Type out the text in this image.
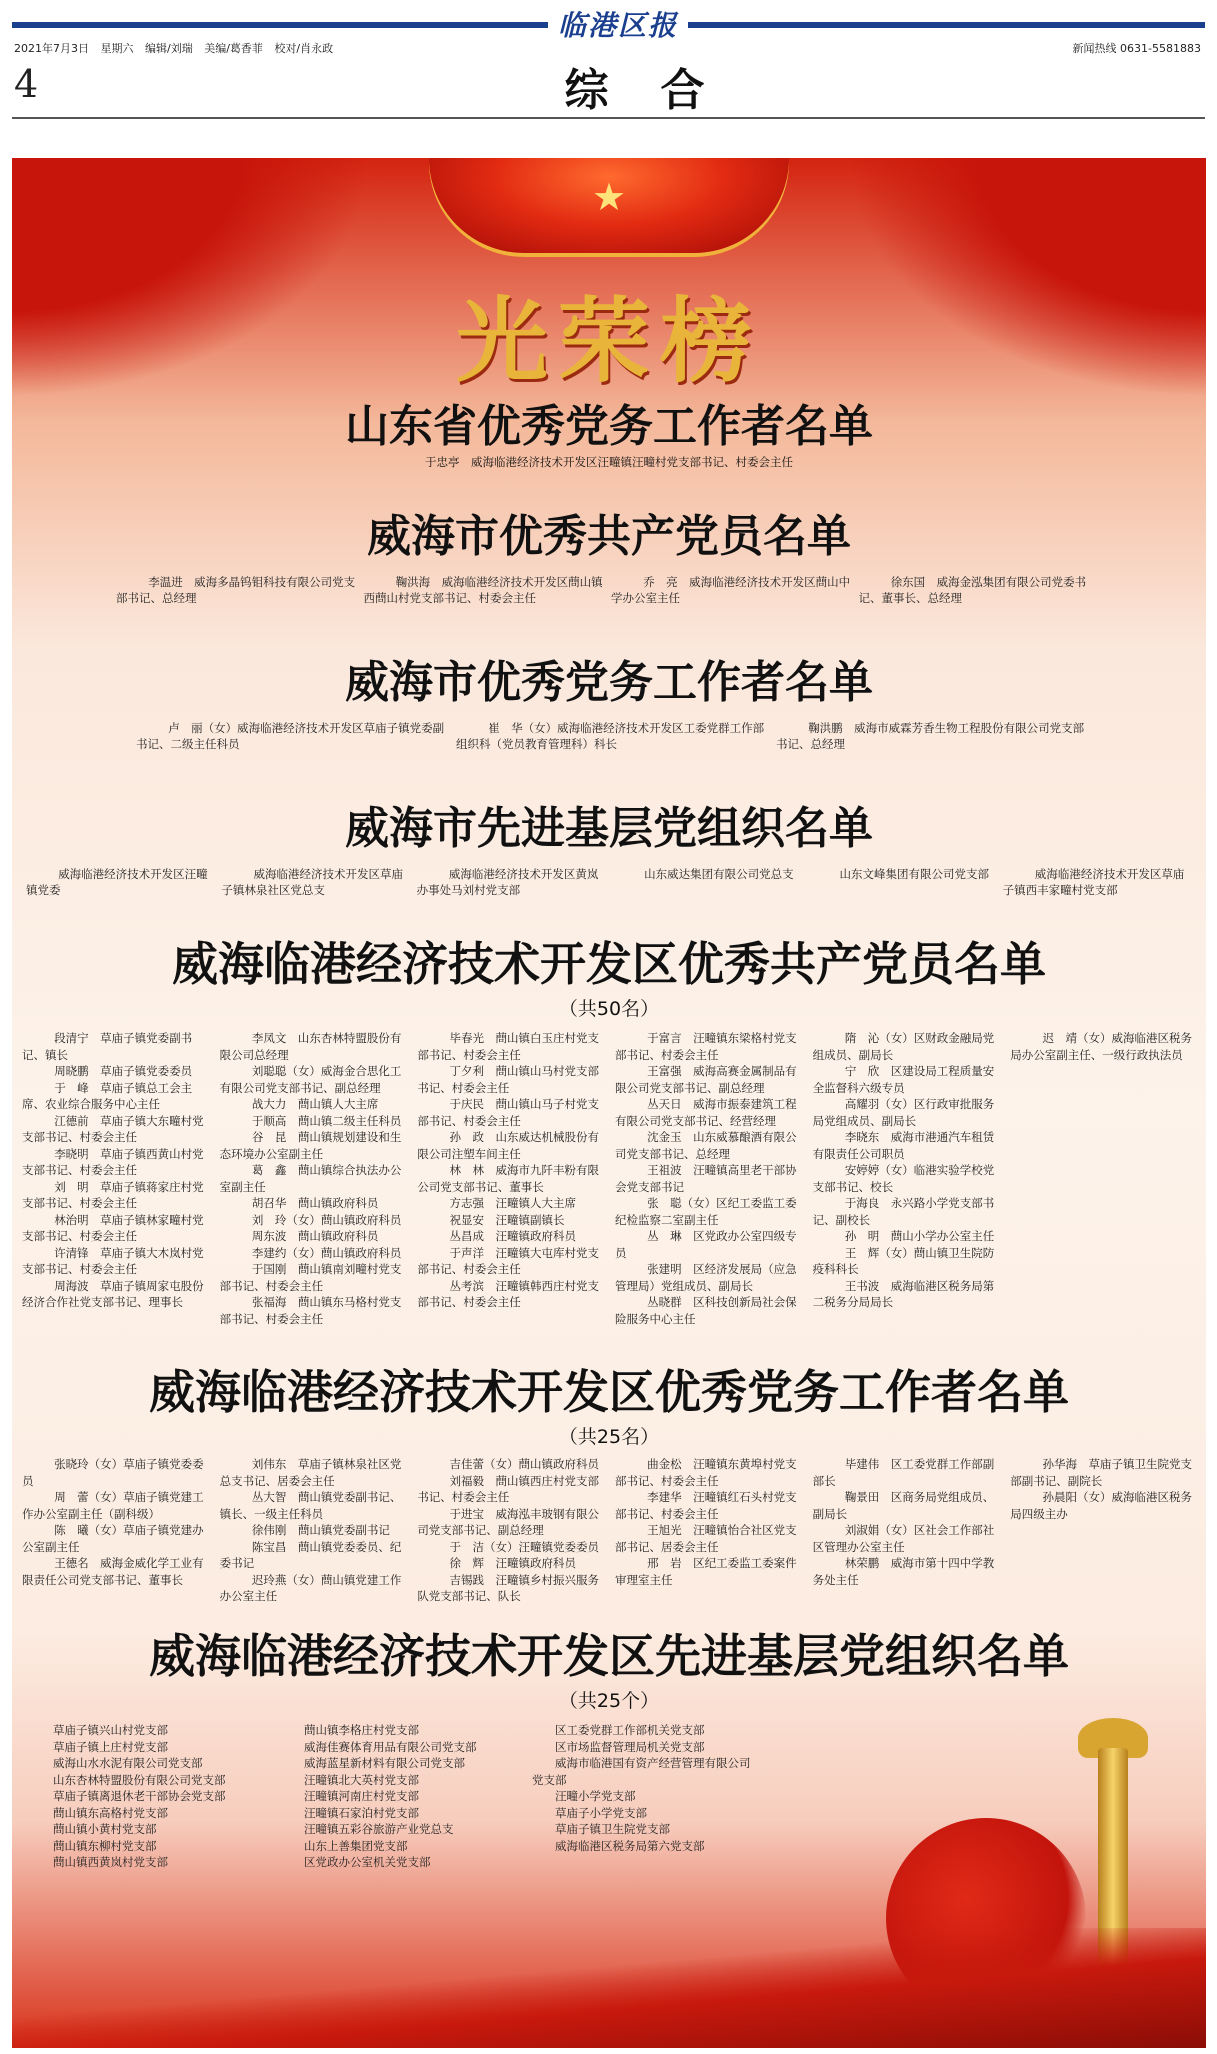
临港区报
2021年7月3日 星期六 编辑/刘瑞 美编/葛香菲 校对/肖永政	新闻热线 0631-5581883
4	综合
★
光荣榜
山东省优秀党务工作者名单
于忠亭　威海临港经济技术开发区汪疃镇汪疃村党支部书记、村委会主任
威海市优秀共产党员名单
李温进　威海多晶钨钼科技有限公司党支部书记、总经理
鞠洪海　威海临港经济技术开发区蔄山镇西蔄山村党支部书记、村委会主任
乔　亮　威海临港经济技术开发区蔄山中学办公室主任
徐东国　威海金泓集团有限公司党委书记、董事长、总经理
威海市优秀党务工作者名单
卢　丽（女）威海临港经济技术开发区草庙子镇党委副书记、二级主任科员
崔　华（女）威海临港经济技术开发区工委党群工作部组织科（党员教育管理科）科长
鞠洪鹏　威海市威霖芳香生物工程股份有限公司党支部书记、总经理
威海市先进基层党组织名单
威海临港经济技术开发区汪疃镇党委
威海临港经济技术开发区草庙子镇林泉社区党总支
威海临港经济技术开发区黄岚办事处马刘村党支部
山东威达集团有限公司党总支	山东文峰集团有限公司党支部	威海临港经济技术开发区草庙子镇西丰家疃村党支部
威海临港经济技术开发区优秀共产党员名单
（共50名）
段清宁　草庙子镇党委副书记、镇长
周晓鹏　草庙子镇党委委员
于　峰　草庙子镇总工会主席、农业综合服务中心主任
江德前　草庙子镇大东疃村党支部书记、村委会主任
李晓明　草庙子镇西黄山村党支部书记、村委会主任
刘　明　草庙子镇蒋家庄村党支部书记、村委会主任
林治明　草庙子镇林家疃村党支部书记、村委会主任
许清锋　草庙子镇大木岚村党支部书记、村委会主任
周海波　草庙子镇周家屯股份经济合作社党支部书记、理事长
李凤文　山东杏林特盟股份有限公司总经理
刘聪聪（女）威海金合思化工有限公司党支部书记、副总经理
战大力　蔄山镇人大主席
于顺高　蔄山镇二级主任科员
谷　昆　蔄山镇规划建设和生态环境办公室副主任
葛　鑫　蔄山镇综合执法办公室副主任
胡召华　蔄山镇政府科员
刘　玲（女）蔄山镇政府科员
周东波　蔄山镇政府科员
李建约（女）蔄山镇政府科员
于国刚　蔄山镇南刘疃村党支部书记、村委会主任
张福海　蔄山镇东马格村党支部书记、村委会主任
毕春光　蔄山镇白玉庄村党支部书记、村委会主任
丁夕利　蔄山镇山马村党支部书记、村委会主任
于庆民　蔄山镇山马子村党支部书记、村委会主任
孙　政　山东威达机械股份有限公司注塑车间主任
林　林　威海市九阡丰粉有限公司党支部书记、董事长
方志强　汪疃镇人大主席
祝显安　汪疃镇副镇长
丛昌成　汪疃镇政府科员
于声洋　汪疃镇大屯库村党支部书记、村委会主任
丛考滨　汪疃镇韩西庄村党支部书记、村委会主任
于富言　汪疃镇东梁格村党支部书记、村委会主任
王富强　威海高赛金属制品有限公司党支部书记、副总经理
丛天日　威海市振泰建筑工程有限公司党支部书记、经营经理
沈金玉　山东威慕酿酒有限公司党支部书记、总经理
王祖波　汪疃镇高里老干部协会党支部书记
张　聪（女）区纪工委监工委纪检监察二室副主任
丛　琳　区党政办公室四级专员
张建明　区经济发展局（应急管理局）党组成员、副局长
丛晓群　区科技创新局社会保险服务中心主任
隋　沁（女）区财政金融局党组成员、副局长
宁　欣　区建设局工程质量安全监督科六级专员
高耀羽（女）区行政审批服务局党组成员、副局长
李晓东　威海市港通汽车租赁有限责任公司职员
安婷婷（女）临港实验学校党支部书记、校长
于海良　永兴路小学党支部书记、副校长
孙　明　蔄山小学办公室主任
王　辉（女）蔄山镇卫生院防疫科科长
王书波　威海临港区税务局第二税务分局局长
迟　靖（女）威海临港区税务局办公室副主任、一级行政执法员
威海临港经济技术开发区优秀党务工作者名单
（共25名）
张晓玲（女）草庙子镇党委委员
周　蕾（女）草庙子镇党建工作办公室副主任（副科级）
陈　曦（女）草庙子镇党建办公室副主任
王德名　威海金威化学工业有限责任公司党支部书记、董事长
刘伟东　草庙子镇林泉社区党总支书记、居委会主任
丛大智　蔄山镇党委副书记、镇长、一级主任科员
徐伟刚　蔄山镇党委副书记
陈宝昌　蔄山镇党委委员、纪委书记
迟玲燕（女）蔄山镇党建工作办公室主任
吉佳蕾（女）蔄山镇政府科员
刘福毅　蔄山镇西庄村党支部书记、村委会主任
于进宝　威海泓丰玻钢有限公司党支部书记、副总经理
于　洁（女）汪疃镇党委委员
徐　辉　汪疃镇政府科员
吉锡践　汪疃镇乡村振兴服务队党支部书记、队长
曲金松　汪疃镇东黄埠村党支部书记、村委会主任
李建华　汪疃镇红石头村党支部书记、村委会主任
王旭光　汪疃镇怡合社区党支部书记、居委会主任
邢　岩　区纪工委监工委案件审理室主任
毕建伟　区工委党群工作部副部长
鞠景田　区商务局党组成员、副局长
刘淑娟（女）区社会工作部社区管理办公室主任
林荣鹏　威海市第十四中学教务处主任
孙华海　草庙子镇卫生院党支部副书记、副院长
孙晨阳（女）威海临港区税务局四级主办
威海临港经济技术开发区先进基层党组织名单
（共25个）
草庙子镇兴山村党支部
草庙子镇上庄村党支部
威海山水水泥有限公司党支部
山东杏林特盟股份有限公司党支部
草庙子镇离退休老干部协会党支部
蔄山镇东高格村党支部
蔄山镇小黄村党支部
蔄山镇东柳村党支部
蔄山镇西黄岚村党支部
蔄山镇李格庄村党支部
威海佳赛体育用品有限公司党支部
威海蓝星新材料有限公司党支部
汪疃镇北大英村党支部
汪疃镇河南庄村党支部
汪疃镇石家泊村党支部
汪疃镇五彩谷旅游产业党总支
山东上善集团党支部
区党政办公室机关党支部
区工委党群工作部机关党支部
区市场监督管理局机关党支部
威海市临港国有资产经营管理有限公司党支部
汪疃小学党支部
草庙子小学党支部
草庙子镇卫生院党支部
威海临港区税务局第六党支部
